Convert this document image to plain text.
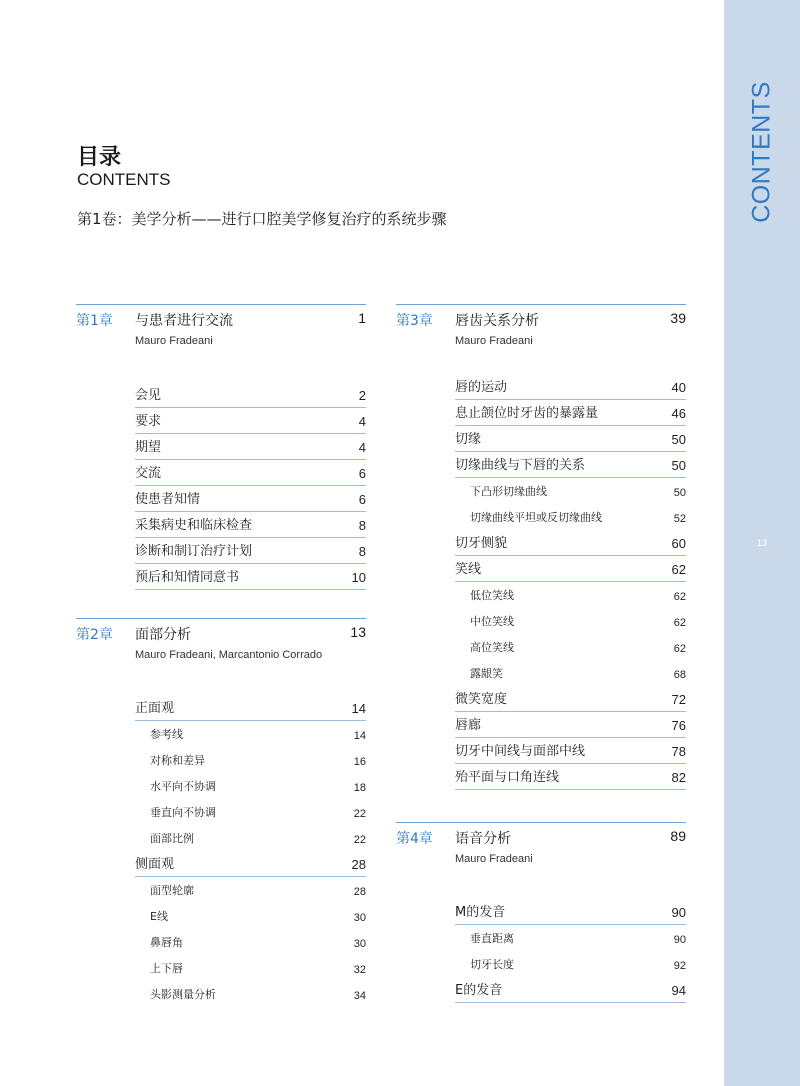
CONTENTS
13
目录
CONTENTS
第1卷：美学分析——进行口腔美学修复治疗的系统步骤
第1章 与患者进行交流	1
Mauro Fradeani
会见	2
要求	4
期望	4
交流	6
使患者知情	6
采集病史和临床检查	8
诊断和制订治疗计划	8
预后和知情同意书	10
第2章 面部分析	13
Mauro Fradeani, Marcantonio Corrado
正面观	14
参考线	14
对称和差异	16
水平向不协调	18
垂直向不协调	22
面部比例	22
侧面观	28
面型轮廓	28
E线	30
鼻唇角	30
上下唇	32
头影测量分析	34
第3章 唇齿关系分析	39
Mauro Fradeani
唇的运动	40
息止颌位时牙齿的暴露量	46
切缘	50
切缘曲线与下唇的关系	50
下凸形切缘曲线	50
切缘曲线平坦或反切缘曲线	52
切牙侧貌	60
笑线	62
低位笑线	62
中位笑线	62
高位笑线	62
露龈笑	68
微笑宽度	72
唇廊	76
切牙中间线与面部中线	78
殆平面与口角连线	82
第4章 语音分析	89
Mauro Fradeani
M的发音	90
垂直距离	90
切牙长度	92
E的发音	94
